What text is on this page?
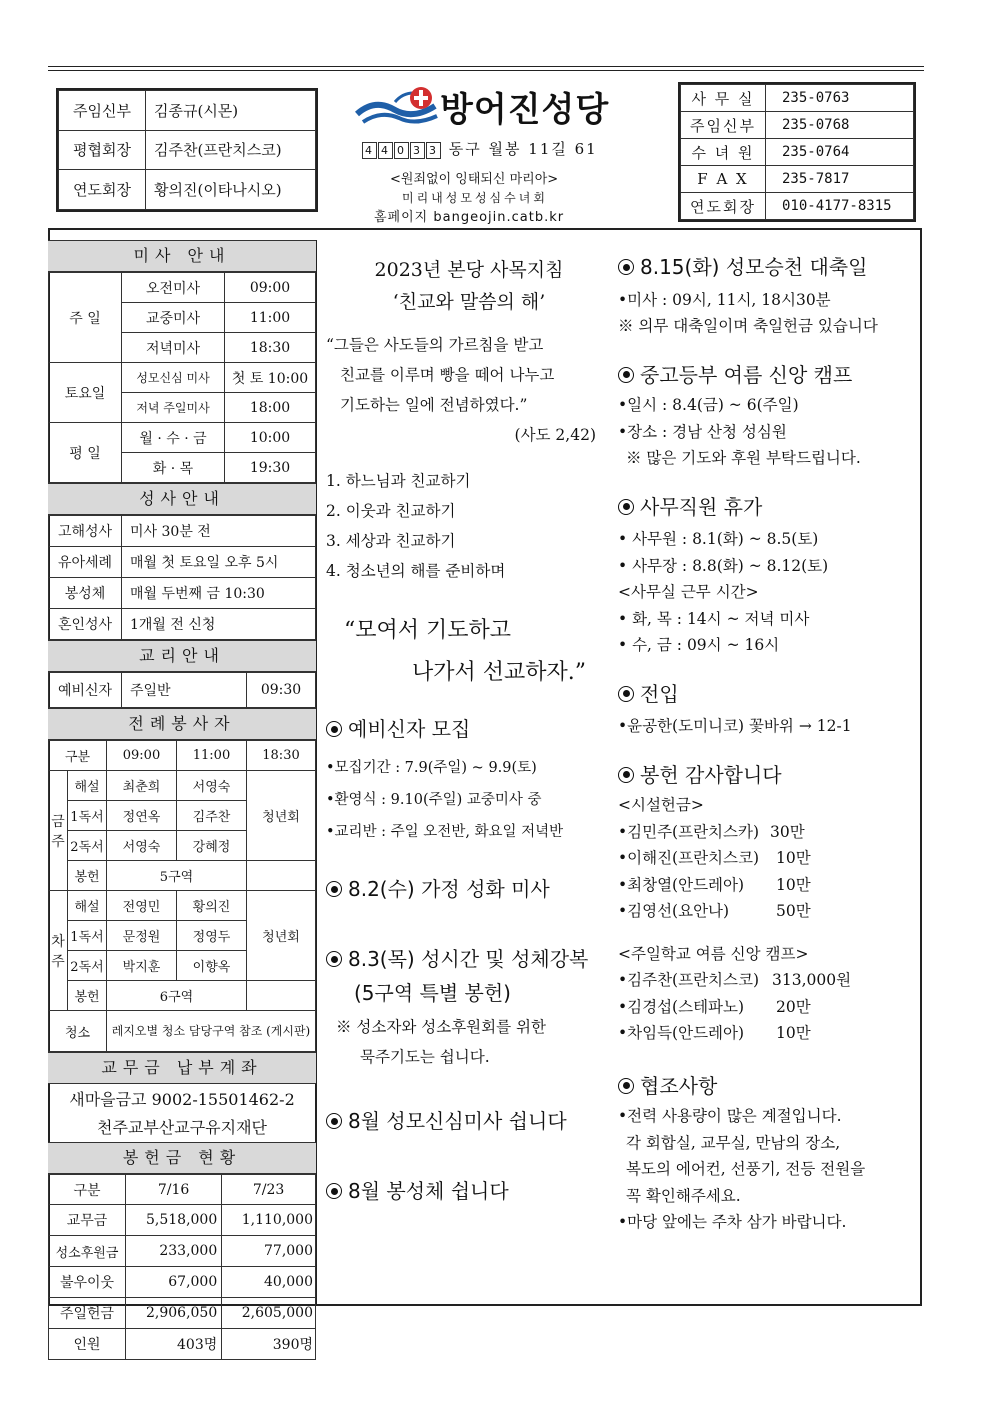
주임신부	김종규(시몬)
평협회장	김주찬(프란치스코)
연도회장	황의진(이타나시오)
방어진성당
4 4 0 3 3 동구 월봉 11길 61
<원죄없이 잉태되신 마리아>
미리내성모성심수녀회
홈페이지 bangeojin.catb.kr
사 무 실	235-0763
주임신부	235-0768
수 녀 원	235-0764
F A X	235-7817
연도회장	010-4177-8315
미사 안내
주 일	오전미사	09:00
	교중미사	11:00
	저녁미사	18:30
토요일	성모신심 미사	첫 토 10:00
	저녁 주일미사	18:00
평 일	월 · 수 · 금	10:00
	화 · 목	19:30
성사안내
고해성사	미사 30분 전
유아세례	매월 첫 토요일 오후 5시
봉성체	매월 두번째 금 10:30
혼인성사	1개월 전 신청
교리안내
예비신자	주일반	09:30
전례봉사자
구분		09:00	11:00	18:30
금 주	해설	최춘희	서영숙	청년회
	1독서	정연옥	김주찬	
	2독서	서영숙	강혜정	
	봉헌	5구역		
차 주	해설	전영민	황의진	청년회
	1독서	문정원	정영두	
	2독서	박지훈	이향옥	
	봉헌	6구역		
청소		레지오별 청소 담당구역 참조 (게시판)		
교무금 납부계좌
새마을금고 9002-15501462-2
천주교부산교구유지재단
봉헌금 현황
구분	7/16	7/23
교무금	5,518,000	1,110,000
성소후원금	233,000	77,000
불우이웃	67,000	40,000
주일헌금	2,906,050	2,605,000
인원	403명	390명
2023년 본당 사목지침
‘친교와 말씀의 해’
“그들은 사도들의 가르침을 받고
친교를 이루며 빵을 떼어 나누고
기도하는 일에 전념하였다.”
(사도 2,42)
1. 하느님과 친교하기
2. 이웃과 친교하기
3. 세상과 친교하기
4. 청소년의 해를 준비하며
“모여서 기도하고
나가서 선교하자.”
예비신자 모집
•모집기간 : 7.9(주일) ~ 9.9(토)
•환영식 : 9.10(주일) 교중미사 중
•교리반 : 주일 오전반, 화요일 저녁반
8.2(수) 가정 성화 미사
8.3(목) 성시간 및 성체강복
(5구역 특별 봉헌)
※ 성소자와 성소후원회를 위한
묵주기도는 쉽니다.
8월 성모신심미사 쉽니다
8월 봉성체 쉽니다
8.15(화) 성모승천 대축일
•미사 : 09시, 11시, 18시30분
※ 의무 대축일이며 축일헌금 있습니다
중고등부 여름 신앙 캠프
•일시 : 8.4(금) ~ 6(주일)
•장소 : 경남 산청 성심원
※ 많은 기도와 후원 부탁드립니다.
사무직원 휴가
• 사무원 : 8.1(화) ~ 8.5(토)
• 사무장 : 8.8(화) ~ 8.12(토)
<사무실 근무 시간>
• 화, 목 : 14시 ~ 저녁 미사
• 수, 금 : 09시 ~ 16시
전입
•윤공한(도미니코) 꽃바위 → 12-1
봉헌 감사합니다
<시설헌금>
•김민주(프란치스카) 30만
•이해진(프란치스코)	10만
•최창열(안드레아)	10만
•김영선(요안나)	50만
<주일학교 여름 신앙 캠프>
•김주찬(프란치스코) 313,000원
•김경섭(스테파노)	20만
•차임득(안드레아)	10만
협조사항
•전력 사용량이 많은 계절입니다.
각 회합실, 교무실, 만남의 장소,
복도의 에어컨, 선풍기, 전등 전원을
꼭 확인해주세요.
•마당 앞에는 주차 삼가 바랍니다.
